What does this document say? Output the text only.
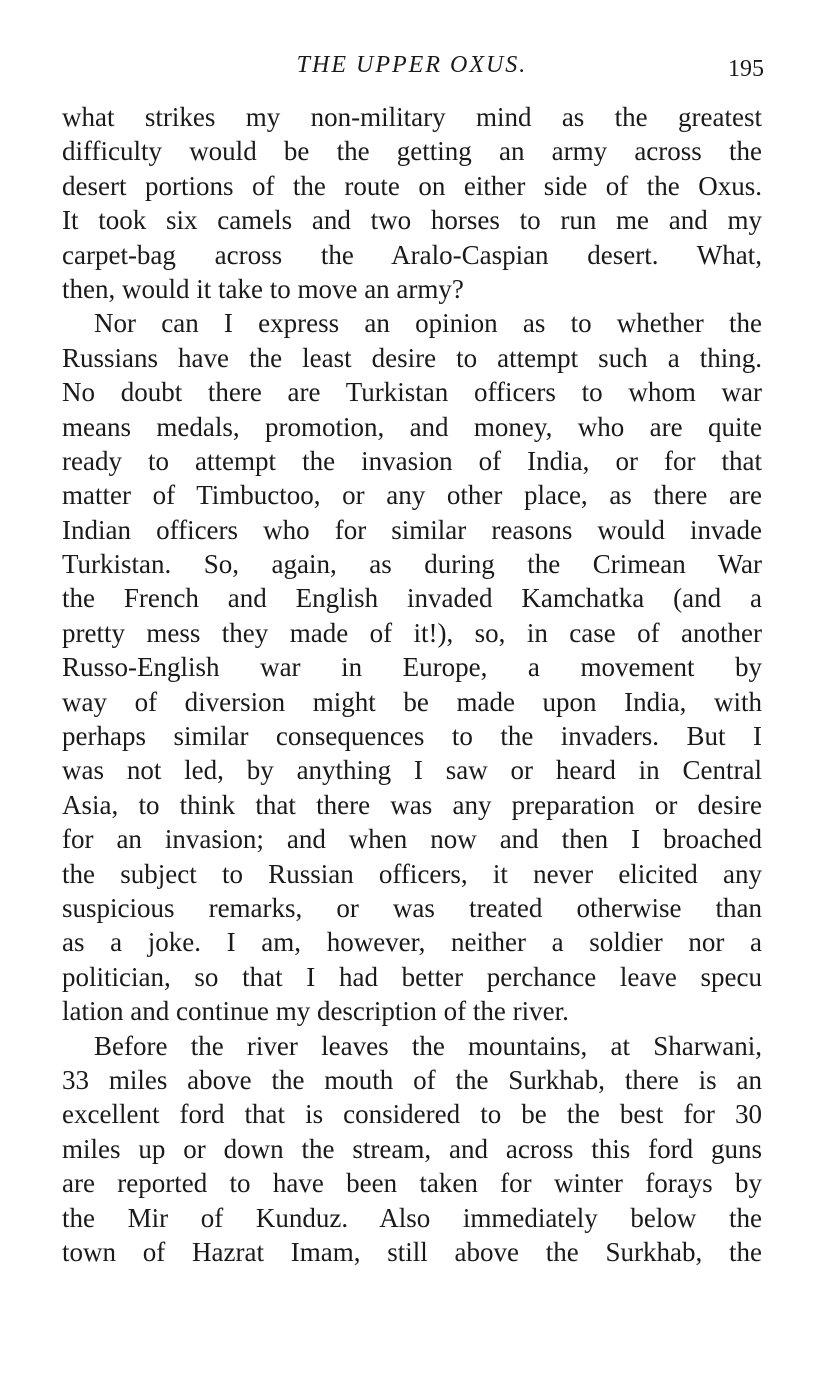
THE UPPER OXUS.	195
what strikes my non-military mind as the greatest
difficulty would be the getting an army across the
desert portions of the route on either side of the Oxus.
It took six camels and two horses to run me and my
carpet-bag across the Aralo-Caspian desert. What,
then, would it take to move an army?
Nor can I express an opinion as to whether the
Russians have the least desire to attempt such a thing.
No doubt there are Turkistan officers to whom war
means medals, promotion, and money, who are quite
ready to attempt the invasion of India, or for that
matter of Timbuctoo, or any other place, as there are
Indian officers who for similar reasons would invade
Turkistan. So, again, as during the Crimean War
the French and English invaded Kamchatka (and a
pretty mess they made of it!), so, in case of another
Russo-English war in Europe, a movement by
way of diversion might be made upon India, with
perhaps similar consequences to the invaders. But I
was not led, by anything I saw or heard in Central
Asia, to think that there was any preparation or desire
for an invasion; and when now and then I broached
the subject to Russian officers, it never elicited any
suspicious remarks, or was treated otherwise than
as a joke. I am, however, neither a soldier nor a
politician, so that I had better perchance leave specu
lation and continue my description of the river.
Before the river leaves the mountains, at Sharwani,
33 miles above the mouth of the Surkhab, there is an
excellent ford that is considered to be the best for 30
miles up or down the stream, and across this ford guns
are reported to have been taken for winter forays by
the Mir of Kunduz. Also immediately below the
town of Hazrat Imam, still above the Surkhab, the
